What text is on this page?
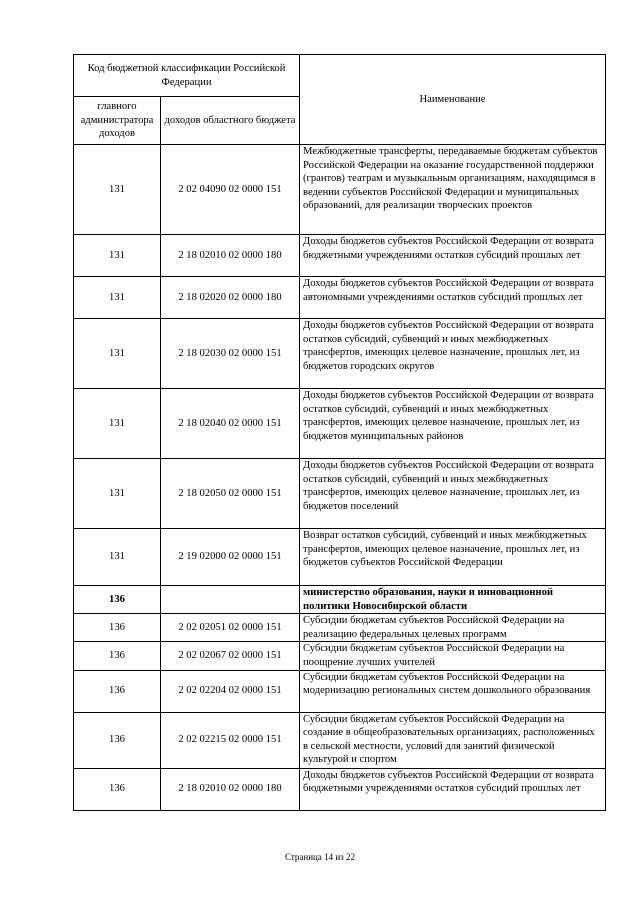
Код бюджетной классификации Российской Федерации		Наименование
главного администратора доходов	доходов областного бюджета	
131	2 02 04090 02 0000 151	Межбюджетные трансферты, передаваемые бюджетам субъектов Российской Федерации на оказание государственной поддержки (грантов) театрам и музыкальным организациям, находящимся в ведении субъектов Российской Федерации и муниципальных образований, для реализации творческих проектов
131	2 18 02010 02 0000 180	Доходы бюджетов субъектов Российской Федерации от возврата бюджетными учреждениями остатков субсидий прошлых лет
131	2 18 02020 02 0000 180	Доходы бюджетов субъектов Российской Федерации от возврата автономными учреждениями остатков субсидий прошлых лет
131	2 18 02030 02 0000 151	Доходы бюджетов субъектов Российской Федерации от возврата остатков субсидий, субвенций и иных межбюджетных трансфертов, имеющих целевое назначение, прошлых лет, из бюджетов городских округов
131	2 18 02040 02 0000 151	Доходы бюджетов субъектов Российской Федерации от возврата остатков субсидий, субвенций и иных межбюджетных трансфертов, имеющих целевое назначение, прошлых лет, из бюджетов муниципальных районов
131	2 18 02050 02 0000 151	Доходы бюджетов субъектов Российской Федерации от возврата остатков субсидий, субвенций и иных межбюджетных трансфертов, имеющих целевое назначение, прошлых лет, из бюджетов поселений
131	2 19 02000 02 0000 151	Возврат остатков субсидий, субвенций и иных межбюджетных трансфертов, имеющих целевое назначение, прошлых лет, из бюджетов субъектов Российской Федерации
136		министерство образования, науки и инновационной политики Новосибирской области
136	2 02 02051 02 0000 151	Субсидии бюджетам субъектов Российской Федерации на реализацию федеральных целевых программ
136	2 02 02067 02 0000 151	Субсидии бюджетам субъектов Российской Федерации на поощрение лучших учителей
136	2 02 02204 02 0000 151	Субсидии бюджетам субъектов Российской Федерации на модернизацию региональных систем дошкольного образования
136	2 02 02215 02 0000 151	Субсидии бюджетам субъектов Российской Федерации на создание в общеобразовательных организациях, расположенных в сельской местности, условий для занятий физической культурой и спортом
136	2 18 02010 02 0000 180	Доходы бюджетов субъектов Российской Федерации от возврата бюджетными учреждениями остатков субсидий прошлых лет
Страница 14 из 22
